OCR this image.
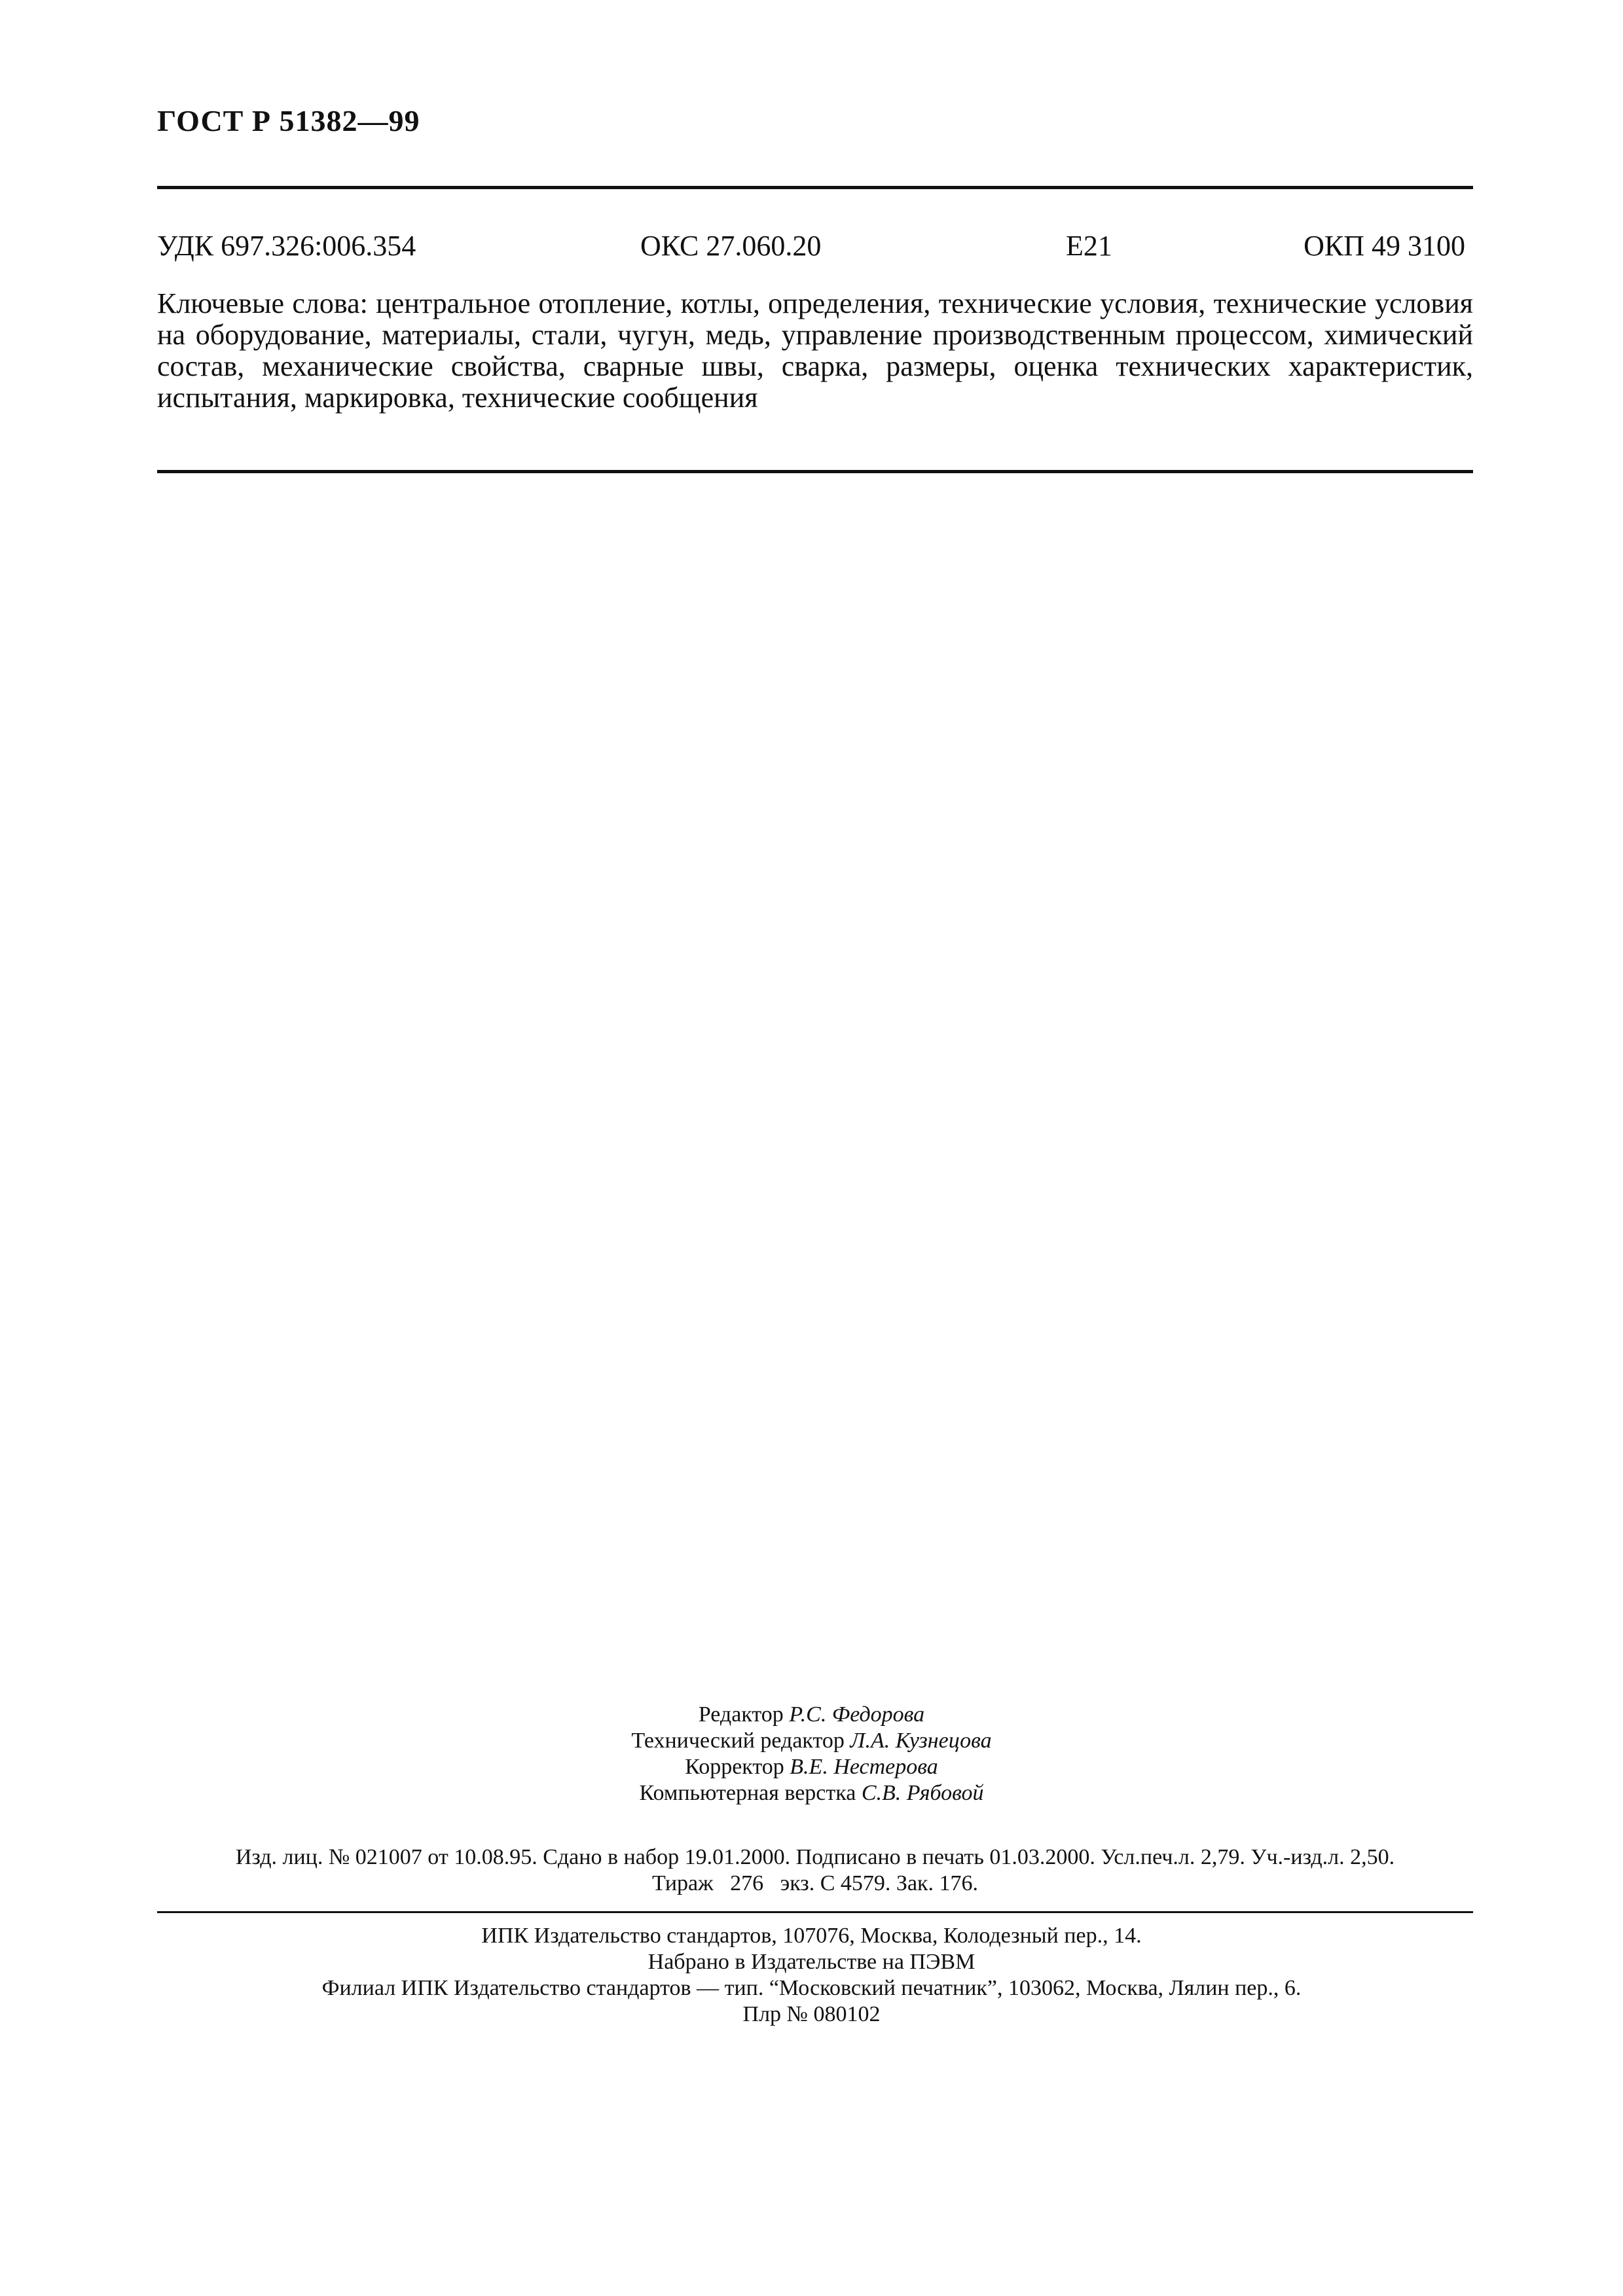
ГОСТ Р 51382—99
УДК 697.326:006.354	ОКС 27.060.20	Е21	ОКП 49 3100

Ключевые слова: центральное отопление, котлы, определения, технические условия, технические условия на оборудование, материалы, стали, чугун, медь, управление производственным процессом, химический состав, механические свойства, сварные швы, сварка, размеры, оценка технических характеристик, испытания, маркировка, технические сообщения

Редактор Р.С. Федорова
Технический редактор Л.А. Кузнецова
Корректор В.Е. Нестерова
Компьютерная верстка С.В. Рябовой
Изд. лиц. № 021007 от 10.08.95. Сдано в набор 19.01.2000. Подписано в печать 01.03.2000. Усл.печ.л. 2,79. Уч.-изд.л. 2,50.
Тираж   276   экз. С 4579. Зак. 176.
ИПК Издательство стандартов, 107076, Москва, Колодезный пер., 14.
Набрано в Издательстве на ПЭВМ
Филиал ИПК Издательство стандартов — тип. “Московский печатник”, 103062, Москва, Лялин пер., 6.
Плр № 080102
